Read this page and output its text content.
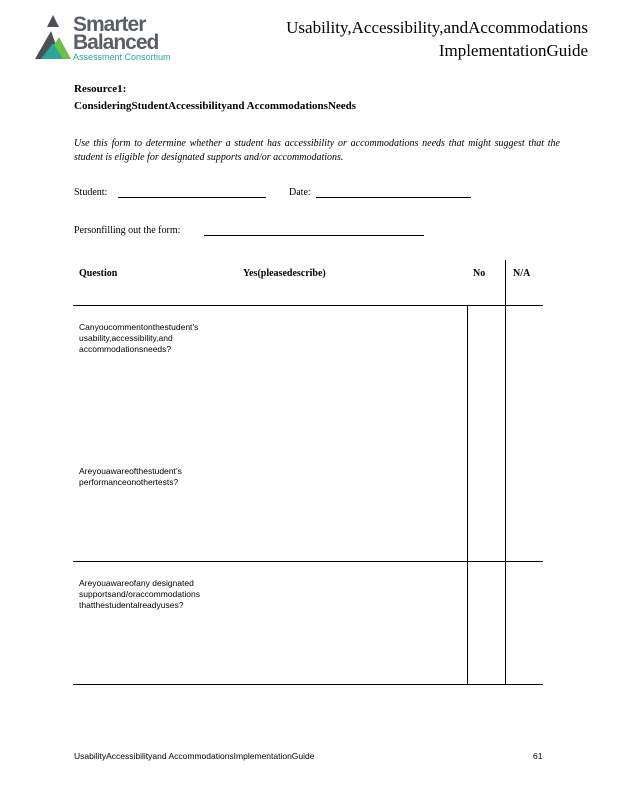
Smarter
Balanced
Assessment Consortium
Usability,Accessibility,andAccommodations
ImplementationGuide
Resource1:
ConsideringStudentAccessibilityand AccommodationsNeeds
Use this form to determine whether a student has accessibility or accommodations needs that might suggest that the student is eligible for designated supports and/or accommodations.
Student:	Date:
Personfilling out the form:
Question	Yes(pleasedescribe)	No	N/A
Canyoucommentonthestudent’s usability,accessibility,and accommodationsneeds?
Areyouawareofthestudent’s performanceonothertests?
Areyouawareofany designated supportsand/oraccommodations thatthestudentalreadyuses?
UsabilityAccessibilityand AccommodationsImplementationGuide	61
